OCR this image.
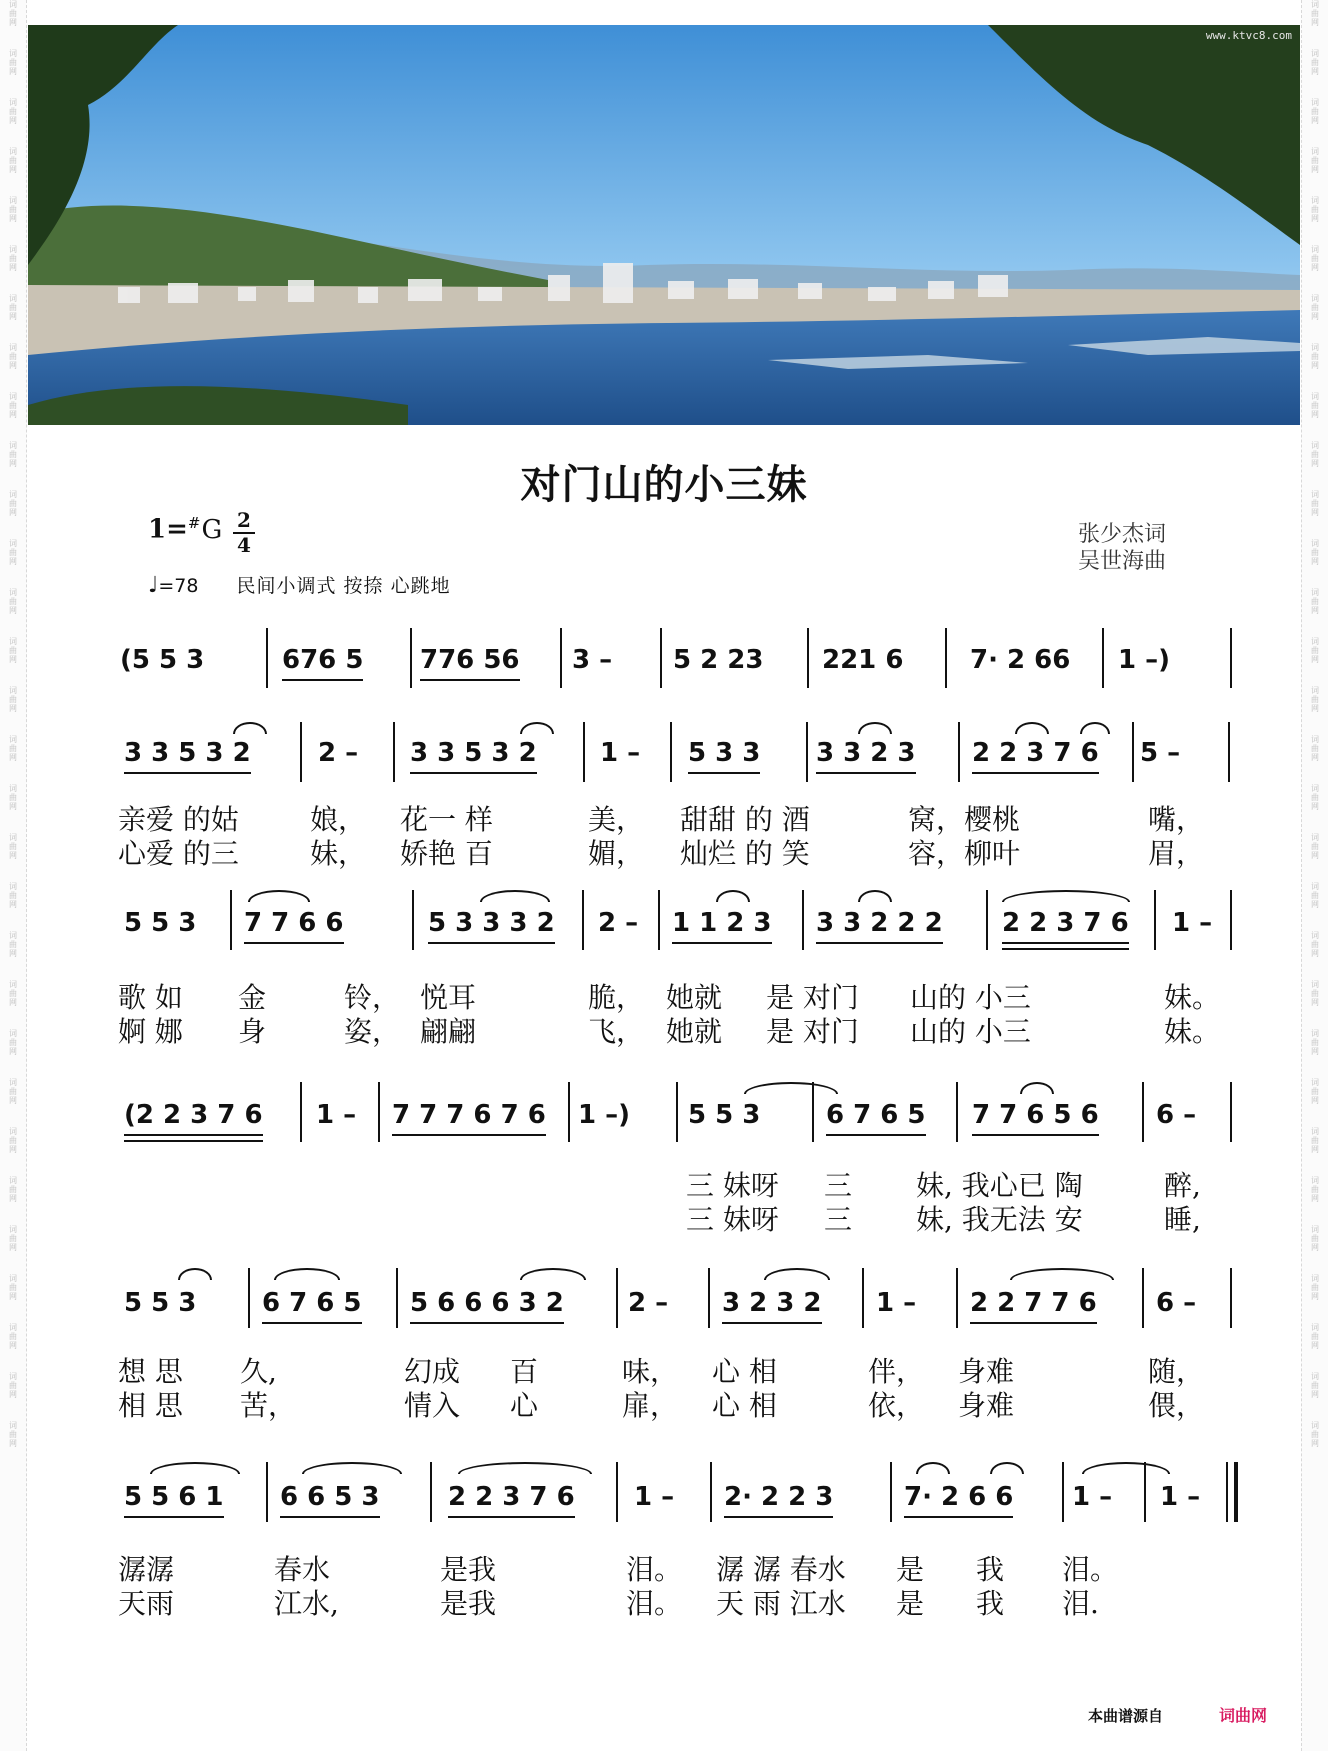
词
曲
网
词
曲
网
词
曲
网
词
曲
网
词
曲
网
词
曲
网
词
曲
网
词
曲
网
词
曲
网
词
曲
网
词
曲
网
词
曲
网
词
曲
网
词
曲
网
词
曲
网
词
曲
网
词
曲
网
词
曲
网
词
曲
网
词
曲
网
词
曲
网
词
曲
网
词
曲
网
词
曲
网
词
曲
网
词
曲
网
词
曲
网
词
曲
网
词
曲
网
词
曲
网
词
曲
网
词
曲
网
词
曲
网
词
曲
网
词
曲
网
词
曲
网
词
曲
网
词
曲
网
词
曲
网
词
曲
网
词
曲
网
词
曲
网
词
曲
网
词
曲
网
词
曲
网
词
曲
网
词
曲
网
词
曲
网
词
曲
网
词
曲
网
词
曲
网
词
曲
网
词
曲
网
词
曲
网
词
曲
网
词
曲
网
词
曲
网
词
曲
网
词
曲
网
词
曲
网
www.ktvc8.com
对门山的小三妹
1=#G 2
4
♩=78 民间小调式 按捺 心跳地
张少杰词
吴世海曲
(5 5 3	676 5 776 56 3 – 5 2 23 221 6	7· 2 66 1 –)
3 3 5 3 2	2 – 3 3 5 3 2 1 – 5 3 3 3 3 2 3 2 2 3 7 6 5 –
亲爱 的姑	娘， 花一 样	美， 甜甜 的 酒	窝，樱桃	嘴，
心爱 的三	妹， 娇艳 百	媚， 灿烂 的 笑	容，柳叶	眉，
5 5 3 7 7 6 6	5 3 3 3 2 2 – 1 1 2 3 3 3 2 2 2 2 2 3 7 6 1 –
歌 如 金	铃， 悦耳	脆， 她就 是 对门 山的 小三	妹。
婀 娜 身	姿， 翩翩	飞， 她就 是 对门 山的 小三	妹。
(2 2 3 7 6 1 – 7 7 7 6 7 6 1 –) 5 5 3	6 7 6 5 7 7 6 5 6 6 –
三 妹呀 三 妹, 我心已 陶	醉,
三 妹呀 三 妹, 我无法 安	睡,
5 5 3	6 7 6 5 5 6 6 6 3 2 2 – 3 2 3 2 1 – 2 2 7 7 6 6 –
想 思 久,	幻成 百	味， 心 相	伴， 身难	随，
相 思 苦，	情入 心	扉， 心 相	依， 身难	偎，
5 5 6 1 6 6 5 3	2 2 3 7 6 1 – 2· 2 2 3	7· 2 6 6 1 – 1 –
潺潺	春水	是我	泪。 潺 潺 春水 是 我 泪。
天雨	江水,	是我	泪。 天 雨 江水 是 我 泪.
本曲谱源自	词曲网
